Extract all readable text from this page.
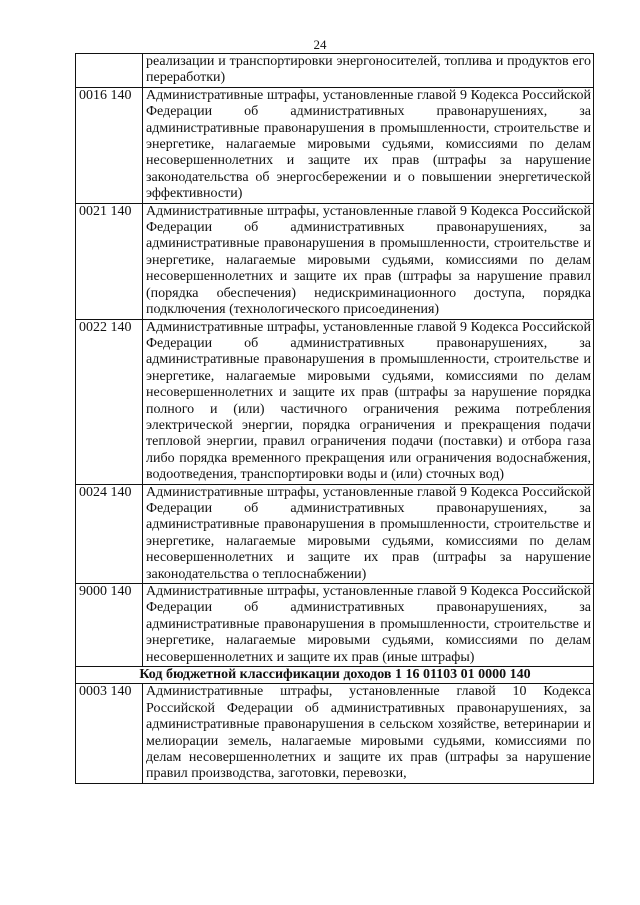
24
	реализации и транспортировки энергоносителей, топлива и продуктов его переработки)
0016 140	Административные штрафы, установленные главой 9 Кодекса Российской Федерации об административных правонарушениях, за административные правонарушения в промышленности, строительстве и энергетике, налагаемые мировыми судьями, комиссиями по делам несовершеннолетних и защите их прав (штрафы за нарушение законодательства об энергосбережении и о повышении энергетической эффективности)
0021 140	Административные штрафы, установленные главой 9 Кодекса Российской Федерации об административных правонарушениях, за административные правонарушения в промышленности, строительстве и энергетике, налагаемые мировыми судьями, комиссиями по делам несовершеннолетних и защите их прав (штрафы за нарушение правил (порядка обеспечения) недискриминационного доступа, порядка подключения (технологического присоединения)
0022 140	Административные штрафы, установленные главой 9 Кодекса Российской Федерации об административных правонарушениях, за административные правонарушения в промышленности, строительстве и энергетике, налагаемые мировыми судьями, комиссиями по делам несовершеннолетних и защите их прав (штрафы за нарушение порядка полного и (или) частичного ограничения режима потребления электрической энергии, порядка ограничения и прекращения подачи тепловой энергии, правил ограничения подачи (поставки) и отбора газа либо порядка временного прекращения или ограничения водоснабжения, водоотведения, транспортировки воды и (или) сточных вод)
0024 140	Административные штрафы, установленные главой 9 Кодекса Российской Федерации об административных правонарушениях, за административные правонарушения в промышленности, строительстве и энергетике, налагаемые мировыми судьями, комиссиями по делам несовершеннолетних и защите их прав (штрафы за нарушение законодательства о теплоснабжении)
9000 140	Административные штрафы, установленные главой 9 Кодекса Российской Федерации об административных правонарушениях, за административные правонарушения в промышленности, строительстве и энергетике, налагаемые мировыми судьями, комиссиями по делам несовершеннолетних и защите их прав (иные штрафы)
Код бюджетной классификации доходов 1 16 01103 01 0000 140	
0003 140	Административные штрафы, установленные главой 10 Кодекса Российской Федерации об административных правонарушениях, за административные правонарушения в сельском хозяйстве, ветеринарии и мелиорации земель, налагаемые мировыми судьями, комиссиями по делам несовершеннолетних и защите их прав (штрафы за нарушение правил производства, заготовки, перевозки,
